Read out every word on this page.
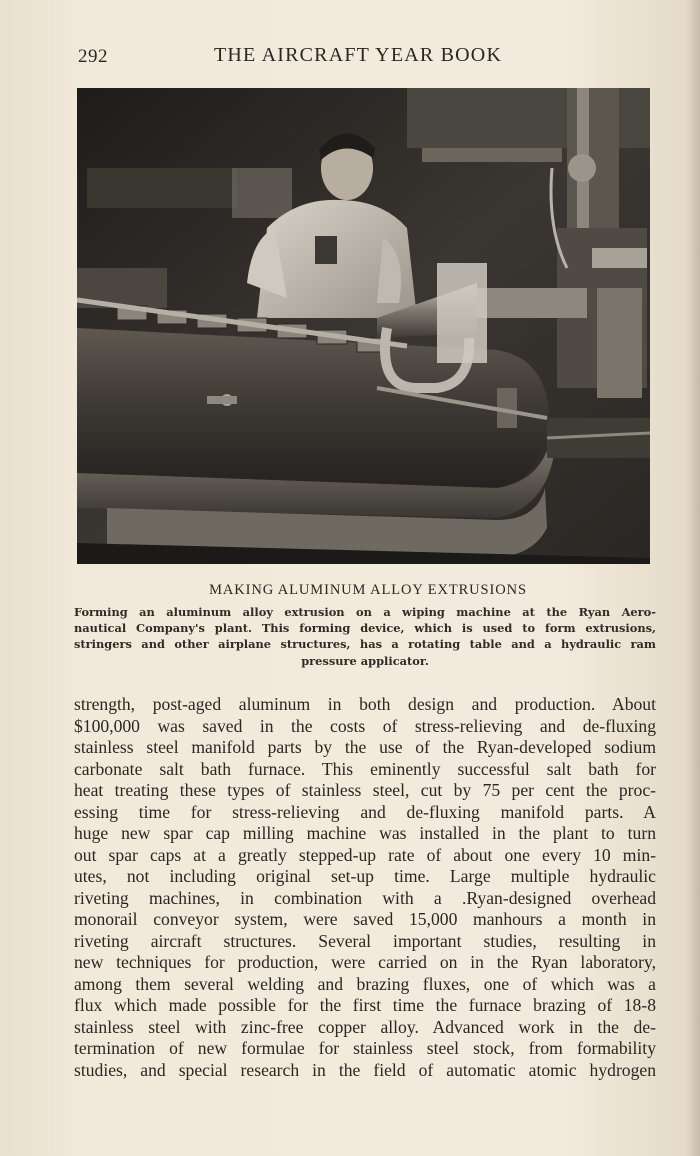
292	THE AIRCRAFT YEAR BOOK
MAKING ALUMINUM ALLOY EXTRUSIONS
Forming an aluminum alloy extrusion on a wiping machine at the Ryan Aero-
nautical Company's plant. This forming device, which is used to form extrusions,
stringers and other airplane structures, has a rotating table and a hydraulic ram
pressure applicator.
strength, post-aged aluminum in both design and production. About
$100,000 was saved in the costs of stress-relieving and de-fluxing
stainless steel manifold parts by the use of the Ryan-developed sodium
carbonate salt bath furnace. This eminently successful salt bath for
heat treating these types of stainless steel, cut by 75 per cent the proc-
essing time for stress-relieving and de-fluxing manifold parts. A
huge new spar cap milling machine was installed in the plant to turn
out spar caps at a greatly stepped-up rate of about one every 10 min-
utes, not including original set-up time. Large multiple hydraulic
riveting machines, in combination with a .Ryan-designed overhead
monorail conveyor system, were saved 15,000 manhours a month in
riveting aircraft structures. Several important studies, resulting in
new techniques for production, were carried on in the Ryan laboratory,
among them several welding and brazing fluxes, one of which was a
flux which made possible for the first time the furnace brazing of 18-8
stainless steel with zinc-free copper alloy. Advanced work in the de-
termination of new formulae for stainless steel stock, from formability
studies, and special research in the field of automatic atomic hydrogen
